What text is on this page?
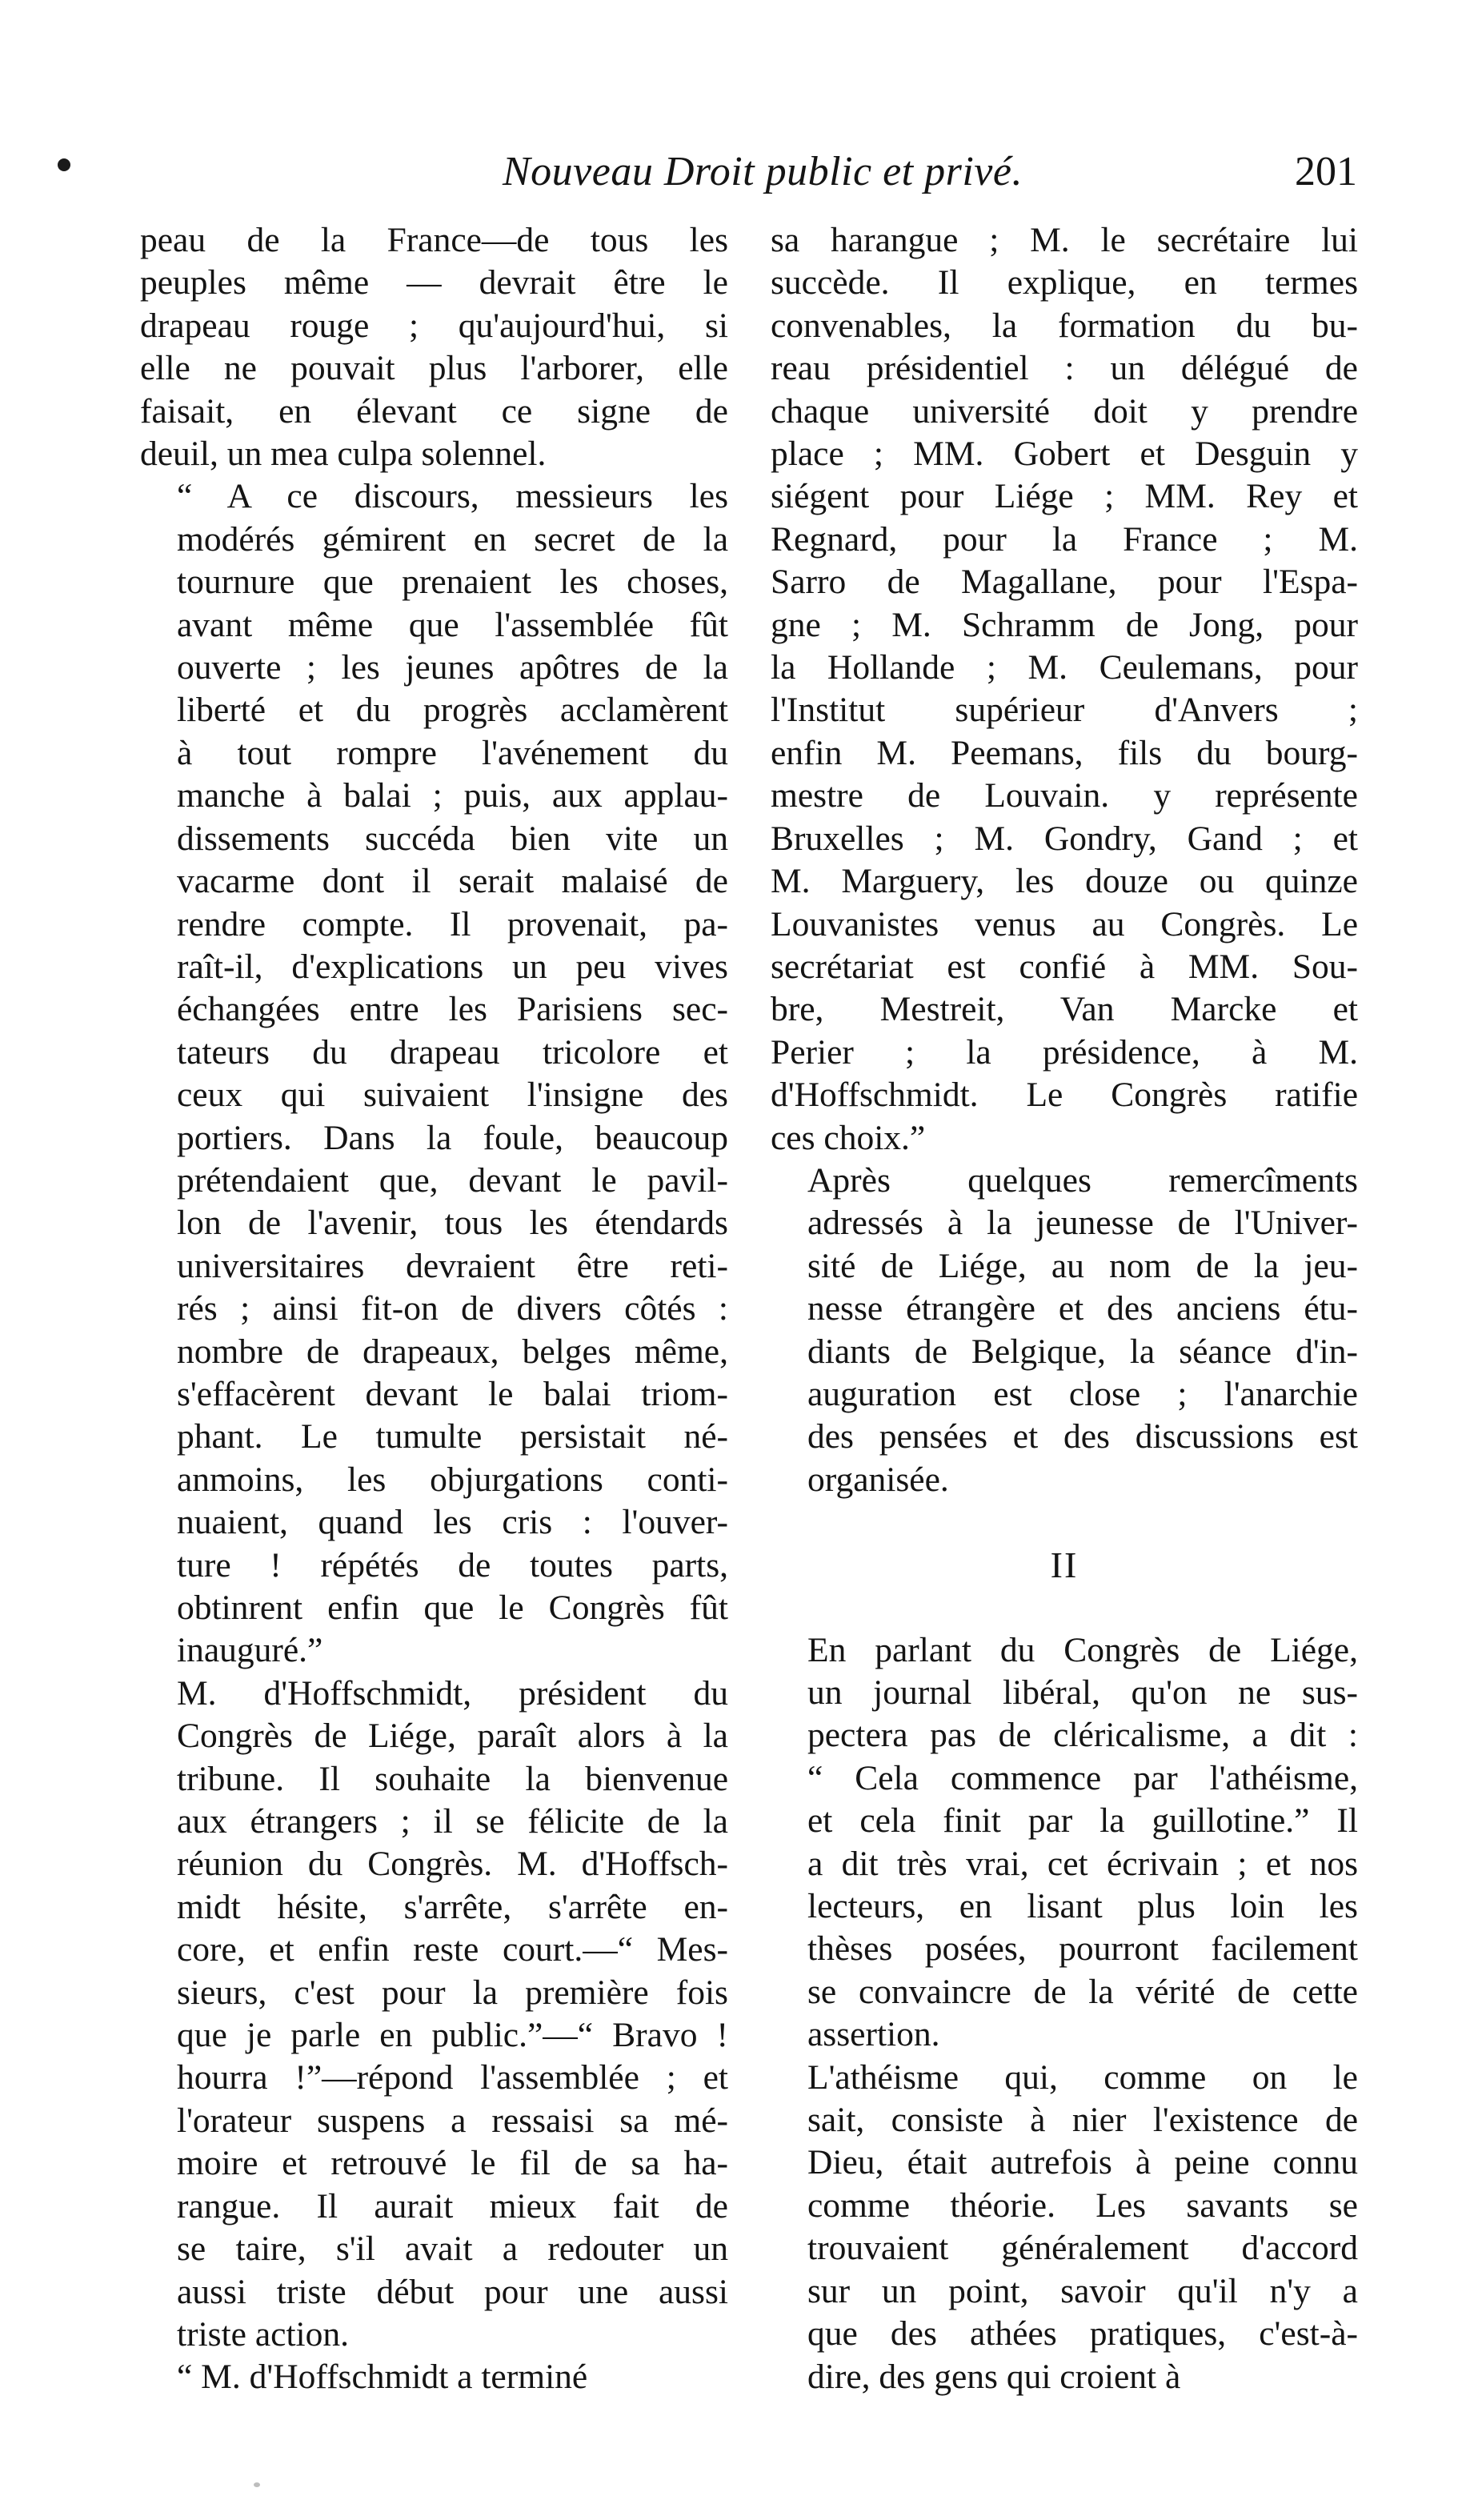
Nouveau Droit public et privé.	201

peau de la France—de tous les
peuples même — devrait être le
drapeau rouge ; qu'aujourd'hui, si
elle ne pouvait plus l'arborer, elle
faisait, en élevant ce signe de
deuil, un mea culpa solennel.

“ A ce discours, messieurs les
modérés gémirent en secret de la
tournure que prenaient les choses,
avant même que l'assemblée fût
ouverte ; les jeunes apôtres de la
liberté et du progrès acclamèrent
à tout rompre l'avénement du
manche à balai ; puis, aux applau-
dissements succéda bien vite un
vacarme dont il serait malaisé de
rendre compte. Il provenait, pa-
raît-il, d'explications un peu vives
échangées entre les Parisiens sec-
tateurs du drapeau tricolore et
ceux qui suivaient l'insigne des
portiers. Dans la foule, beaucoup
prétendaient que, devant le pavil-
lon de l'avenir, tous les étendards
universitaires devraient être reti-
rés ; ainsi fit-on de divers côtés :
nombre de drapeaux, belges même,
s'effacèrent devant le balai triom-
phant. Le tumulte persistait né-
anmoins, les objurgations conti-
nuaient, quand les cris : l'ouver-
ture ! répétés de toutes parts,
obtinrent enfin que le Congrès fût
inauguré.”

M. d'Hoffschmidt, président du
Congrès de Liége, paraît alors à la
tribune. Il souhaite la bienvenue
aux étrangers ; il se félicite de la
réunion du Congrès. M. d'Hoffsch-
midt hésite, s'arrête, s'arrête en-
core, et enfin reste court.—“ Mes-
sieurs, c'est pour la première fois
que je parle en public.”—“ Bravo !
hourra !”—répond l'assemblée ; et
l'orateur suspens a ressaisi sa mé-
moire et retrouvé le fil de sa ha-
rangue. Il aurait mieux fait de
se taire, s'il avait a redouter un
aussi triste début pour une aussi
triste action.

“ M. d'Hoffschmidt a terminé

sa harangue ; M. le secrétaire lui
succède. Il explique, en termes
convenables, la formation du bu-
reau présidentiel : un délégué de
chaque université doit y prendre
place ; MM. Gobert et Desguin y
siégent pour Liége ; MM. Rey et
Regnard, pour la France ; M.
Sarro de Magallane, pour l'Espa-
gne ; M. Schramm de Jong, pour
la Hollande ; M. Ceulemans, pour
l'Institut supérieur d'Anvers ;
enfin M. Peemans, fils du bourg-
mestre de Louvain. y représente
Bruxelles ; M. Gondry, Gand ; et
M. Marguery, les douze ou quinze
Louvanistes venus au Congrès. Le
secrétariat est confié à MM. Sou-
bre, Mestreit, Van Marcke et
Perier ; la présidence, à M.
d'Hoffschmidt. Le Congrès ratifie
ces choix.”

Après quelques remercîments
adressés à la jeunesse de l'Univer-
sité de Liége, au nom de la jeu-
nesse étrangère et des anciens étu-
diants de Belgique, la séance d'in-
auguration est close ; l'anarchie
des pensées et des discussions est
organisée.

II

En parlant du Congrès de Liége,
un journal libéral, qu'on ne sus-
pectera pas de cléricalisme, a dit :
“ Cela commence par l'athéisme,
et cela finit par la guillotine.” Il
a dit très vrai, cet écrivain ; et nos
lecteurs, en lisant plus loin les
thèses posées, pourront facilement
se convaincre de la vérité de cette
assertion.

L'athéisme qui, comme on le
sait, consiste à nier l'existence de
Dieu, était autrefois à peine connu
comme théorie. Les savants se
trouvaient généralement d'accord
sur un point, savoir qu'il n'y a
que des athées pratiques, c'est-à-
dire, des gens qui croient à
